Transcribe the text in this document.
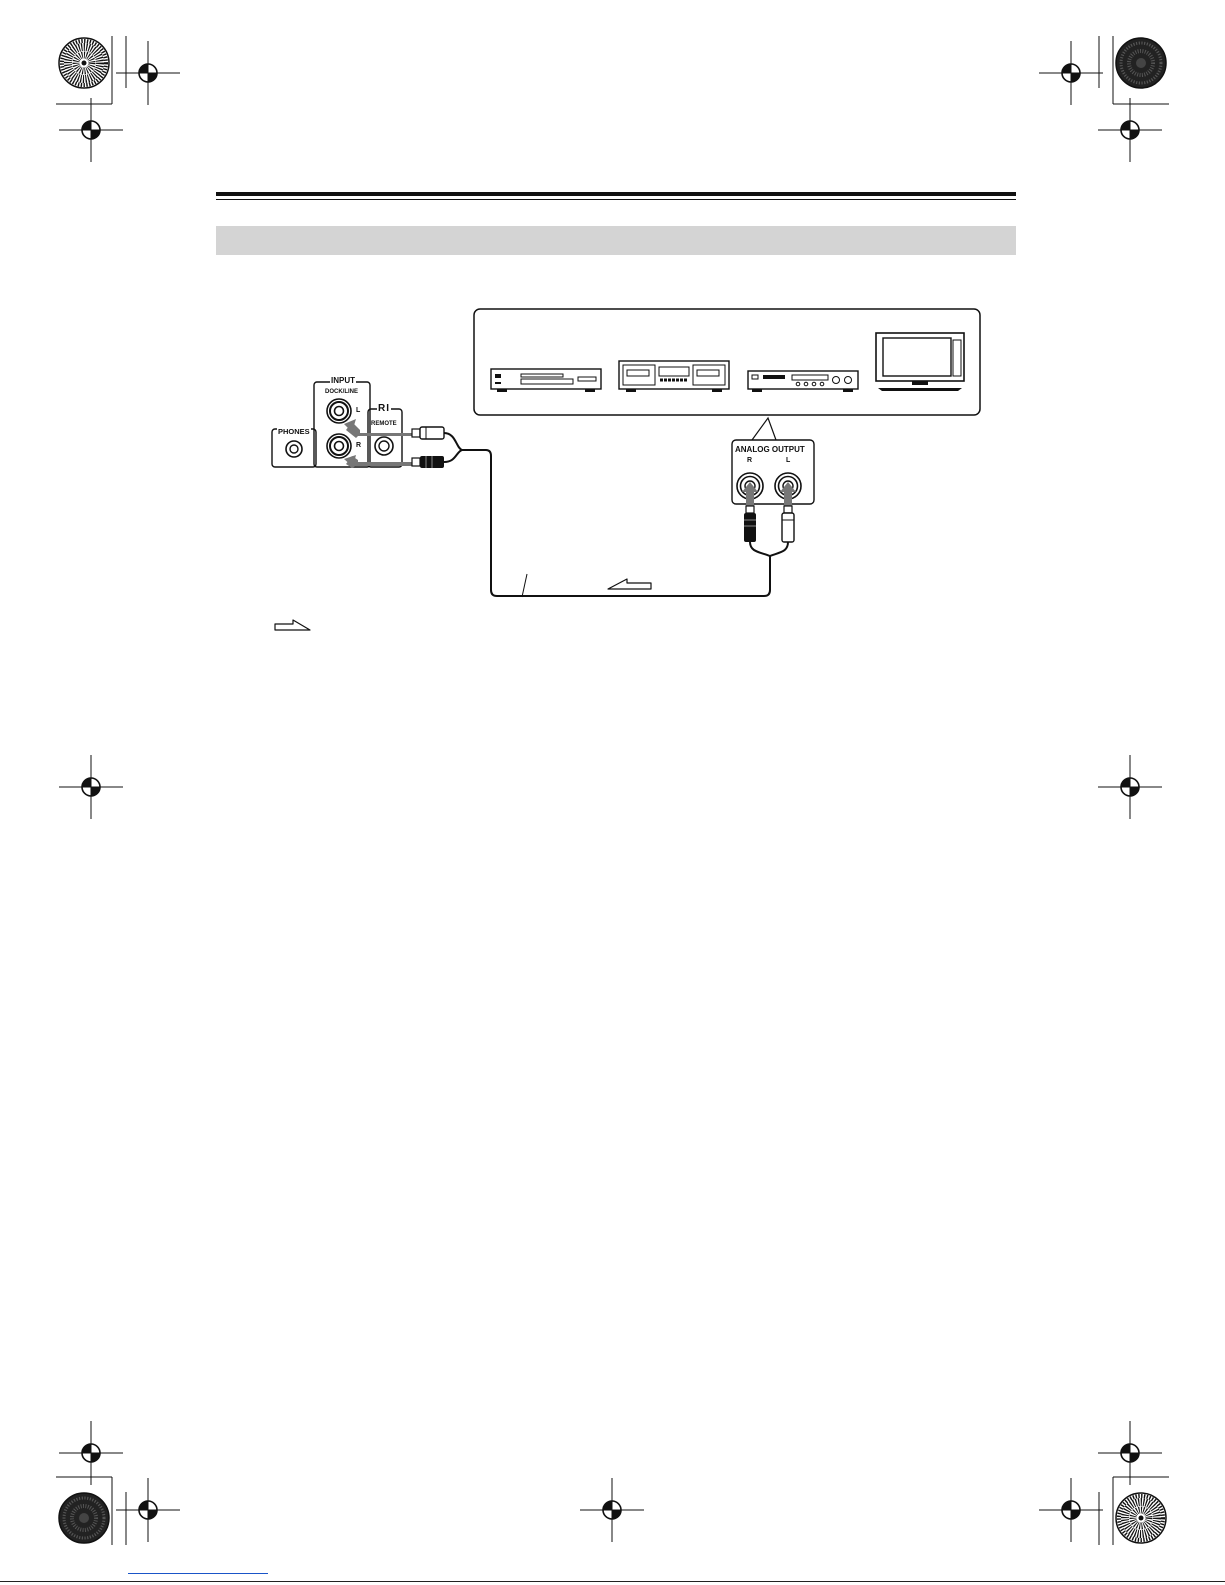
INPUT
DOCK/LINE
RI
REMOTE
PHONES
L
R	ANALOG OUTPUT
R	L
